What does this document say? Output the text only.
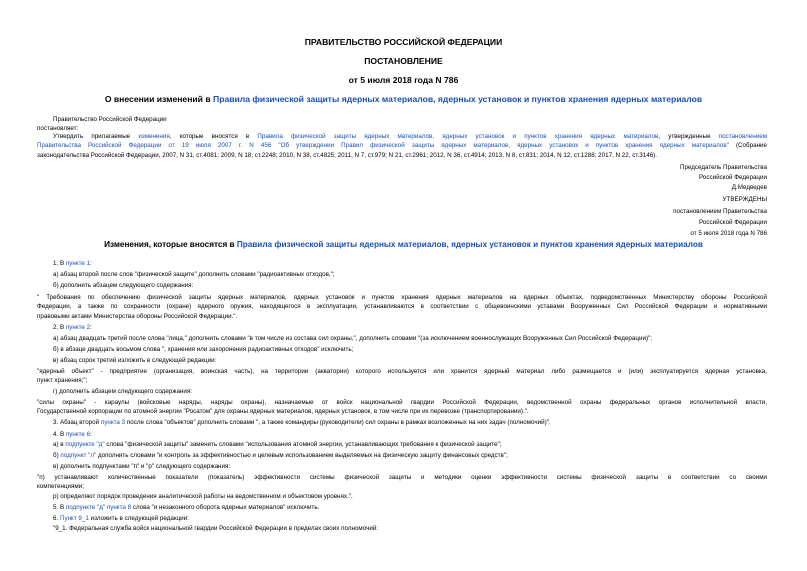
ПРАВИТЕЛЬСТВО РОССИЙСКОЙ ФЕДЕРАЦИИ
ПОСТАНОВЛЕНИЕ
от 5 июля 2018 года N 786
О внесении изменений в Правила физической защиты ядерных материалов, ядерных установок и пунктов хранения ядерных материалов
Правительство Российской Федерации
постановляет:
Утвердить прилагаемые изменения, которые вносятся в Правила физической защиты ядерных материалов, ядерных установок и пунктов хранения ядерных материалов, утвержденные постановлением
Правительства Российской Федерации от 19 июля 2007 г. N 456 "Об утверждении Правил физической защиты ядерных материалов, ядерных установок и пунктов хранения ядерных материалов" (Собрание
законодательства Российской Федерации, 2007, N 31, ст.4081; 2009, N 18, ст.2248; 2010, N 38, ст.4825; 2011, N 7, ст.979; N 21, ст.2961; 2012, N 36, ст.4914; 2013, N 8, ст.831; 2014, N 12, ст.1288; 2017, N 22, ст.3146).
Председатель Правительства
Российской Федерации
Д.Медведев
УТВЕРЖДЕНЫ
постановлением Правительства
Российской Федерации
от 5 июля 2018 года N 786
Изменения, которые вносятся в Правила физической защиты ядерных материалов, ядерных установок и пунктов хранения ядерных материалов
1. В пункте 1:
а) абзац второй после слов "физической защите" дополнить словами "радиоактивных отходов,";
б) дополнить абзацем следующего содержания:
" Требования по обеспечению физической защиты ядерных материалов, ядерных установок и пунктов хранения ядерных материалов на ядерных объектах, подведомственных Министерству обороны Российской
Федерации, а также по сохранности (охране) ядерного оружия, находящегося в эксплуатации, устанавливаются в соответствии с общевоинскими уставами Вооруженных Сил Российской Федерации и нормативными
правовыми актами Министерства обороны Российской Федерации.".
2. В пункте 2:
а) абзац двадцать третий после слова "лица," дополнить словами "в том числе из состава сил охраны,", дополнить словами "(за исключением военнослужащих Вооруженных Сил Российской Федерации)";
б) в абзаце двадцать восьмом слова ", хранения или захоронения радиоактивных отходов" исключить;
в) абзац сорок третий изложить в следующей редакции:
"ядерный объект" - предприятие (организация, воинская часть), на территории (акватории) которого используется или хранится ядерный материал либо размещается и (или) эксплуатируется ядерная установка,
пункт хранения;";
г) дополнить абзацем следующего содержания:
"силы охраны" - караулы (войсковые наряды, наряды охраны), назначаемые от войск национальной гвардии Российской Федерации, ведомственной охраны федеральных органов исполнительной власти,
Государственной корпорации по атомной энергии "Росатом" для охраны ядерных материалов, ядерных установок, в том числе при их перевозке (транспортировании).".
3. Абзац второй пункта 3 после слова "объектов" дополнить словами ", а также командиры (руководители) сил охраны в рамках возложенных на них задач (полномочий)".
4. В пункте 6:
а) в подпункте "д" слова "физической защиты" заменить словами "использования атомной энергии, устанавливающих требования к физической защите";
б) подпункт "л" дополнить словами "и контроль за эффективностью и целевым использованием выделяемых на физическую защиту финансовых средств";
в) дополнить подпунктами "п" и "р" следующего содержания:
"п) устанавливают количественные показатели (показатель) эффективности системы физической защиты и методики оценки эффективности системы физической защиты в соответствии со своими
компетенциями;
р) определяют порядок проведения аналитической работы на ведомственном и объектовом уровнях.".
5. В подпункте "д" пункта 8 слова "и незаконного оборота ядерных материалов" исключить.
6. Пункт 9_1 изложить в следующей редакции:
"9_1. Федеральная служба войск национальной гвардии Российской Федерации в пределах своих полномочий:
